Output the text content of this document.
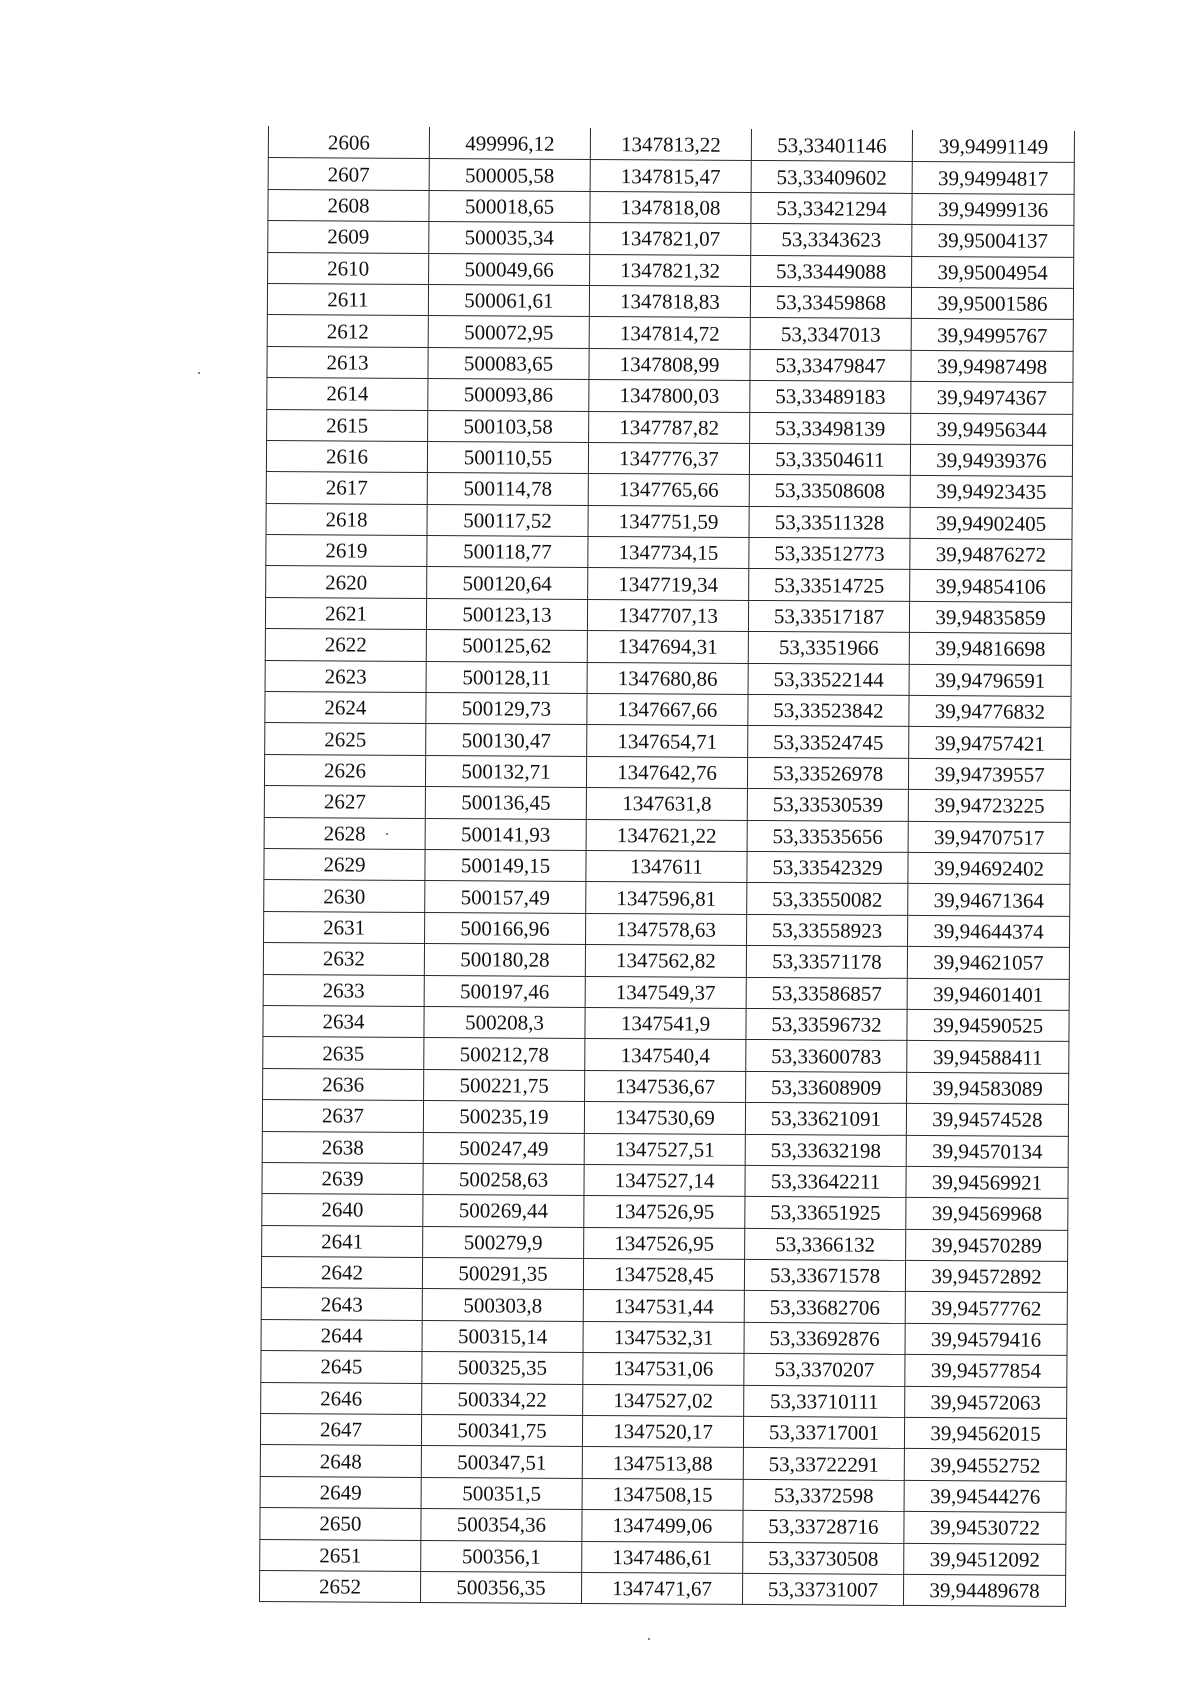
2606	499996,12	1347813,22	53,33401146	39,94991149
2607	500005,58	1347815,47	53,33409602	39,94994817
2608	500018,65	1347818,08	53,33421294	39,94999136
2609	500035,34	1347821,07	53,3343623	39,95004137
2610	500049,66	1347821,32	53,33449088	39,95004954
2611	500061,61	1347818,83	53,33459868	39,95001586
2612	500072,95	1347814,72	53,3347013	39,94995767
2613	500083,65	1347808,99	53,33479847	39,94987498
2614	500093,86	1347800,03	53,33489183	39,94974367
2615	500103,58	1347787,82	53,33498139	39,94956344
2616	500110,55	1347776,37	53,33504611	39,94939376
2617	500114,78	1347765,66	53,33508608	39,94923435
2618	500117,52	1347751,59	53,33511328	39,94902405
2619	500118,77	1347734,15	53,33512773	39,94876272
2620	500120,64	1347719,34	53,33514725	39,94854106
2621	500123,13	1347707,13	53,33517187	39,94835859
2622	500125,62	1347694,31	53,3351966	39,94816698
2623	500128,11	1347680,86	53,33522144	39,94796591
2624	500129,73	1347667,66	53,33523842	39,94776832
2625	500130,47	1347654,71	53,33524745	39,94757421
2626	500132,71	1347642,76	53,33526978	39,94739557
2627	500136,45	1347631,8	53,33530539	39,94723225
2628	500141,93	1347621,22	53,33535656	39,94707517
2629	500149,15	1347611	53,33542329	39,94692402
2630	500157,49	1347596,81	53,33550082	39,94671364
2631	500166,96	1347578,63	53,33558923	39,94644374
2632	500180,28	1347562,82	53,33571178	39,94621057
2633	500197,46	1347549,37	53,33586857	39,94601401
2634	500208,3	1347541,9	53,33596732	39,94590525
2635	500212,78	1347540,4	53,33600783	39,94588411
2636	500221,75	1347536,67	53,33608909	39,94583089
2637	500235,19	1347530,69	53,33621091	39,94574528
2638	500247,49	1347527,51	53,33632198	39,94570134
2639	500258,63	1347527,14	53,33642211	39,94569921
2640	500269,44	1347526,95	53,33651925	39,94569968
2641	500279,9	1347526,95	53,3366132	39,94570289
2642	500291,35	1347528,45	53,33671578	39,94572892
2643	500303,8	1347531,44	53,33682706	39,94577762
2644	500315,14	1347532,31	53,33692876	39,94579416
2645	500325,35	1347531,06	53,3370207	39,94577854
2646	500334,22	1347527,02	53,33710111	39,94572063
2647	500341,75	1347520,17	53,33717001	39,94562015
2648	500347,51	1347513,88	53,33722291	39,94552752
2649	500351,5	1347508,15	53,3372598	39,94544276
2650	500354,36	1347499,06	53,33728716	39,94530722
2651	500356,1	1347486,61	53,33730508	39,94512092
2652	500356,35	1347471,67	53,33731007	39,94489678
